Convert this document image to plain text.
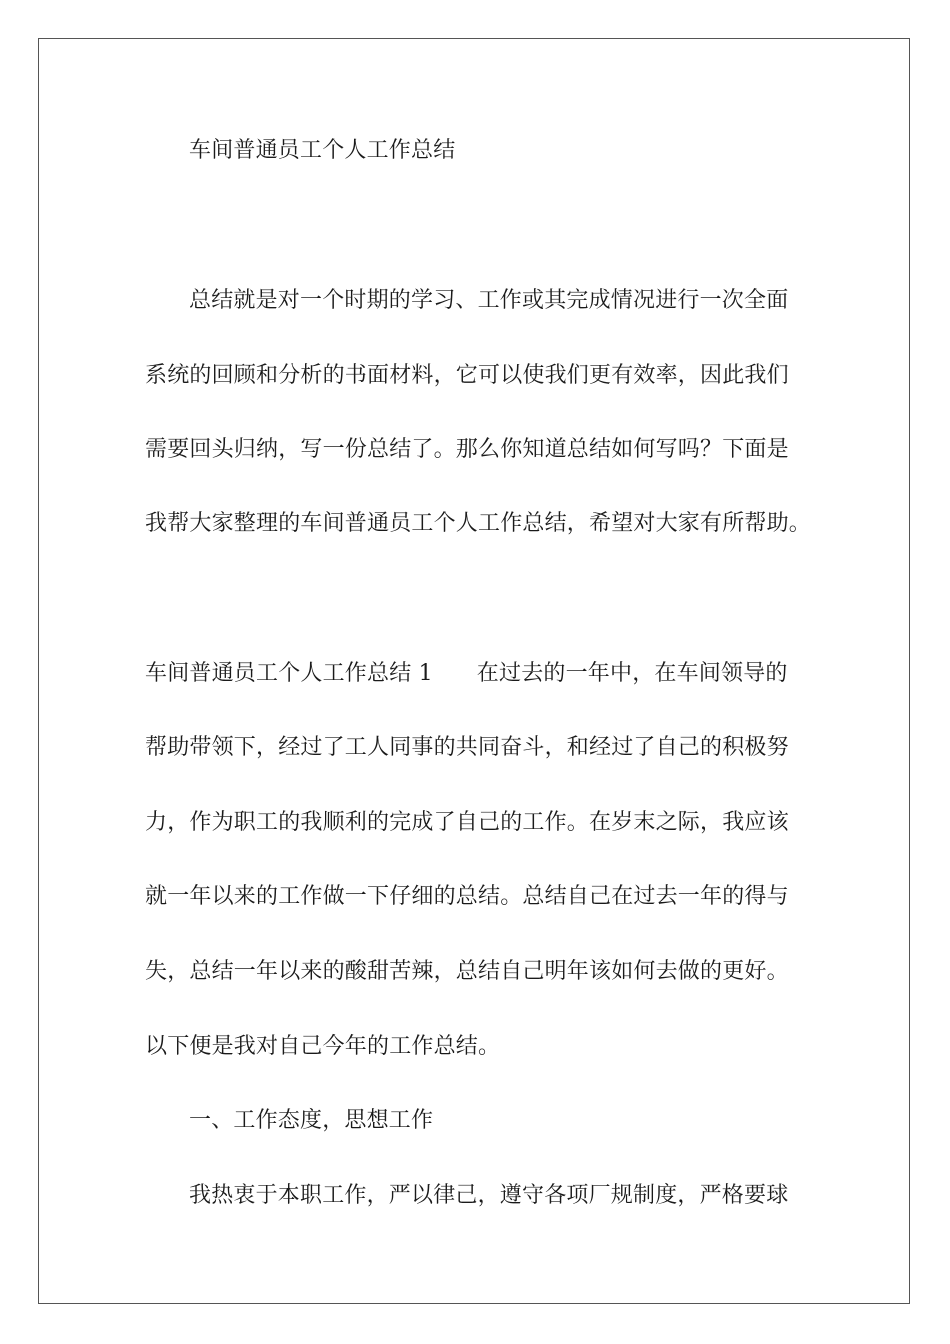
车间普通员工个人工作总结
总结就是对一个时期的学习、工作或其完成情况进行一次全面
系统的回顾和分析的书面材料，它可以使我们更有效率，因此我们
需要回头归纳，写一份总结了。那么你知道总结如何写吗？下面是
我帮大家整理的车间普通员工个人工作总结，希望对大家有所帮助。
车间普通员工个人工作总结 1 在过去的一年中，在车间领导的
帮助带领下，经过了工人同事的共同奋斗，和经过了自己的积极努
力，作为职工的我顺利的完成了自己的工作。在岁末之际，我应该
就一年以来的工作做一下仔细的总结。总结自己在过去一年的得与
失，总结一年以来的酸甜苦辣，总结自己明年该如何去做的更好。
以下便是我对自己今年的工作总结。
一、工作态度，思想工作
我热衷于本职工作，严以律己，遵守各项厂规制度，严格要球
